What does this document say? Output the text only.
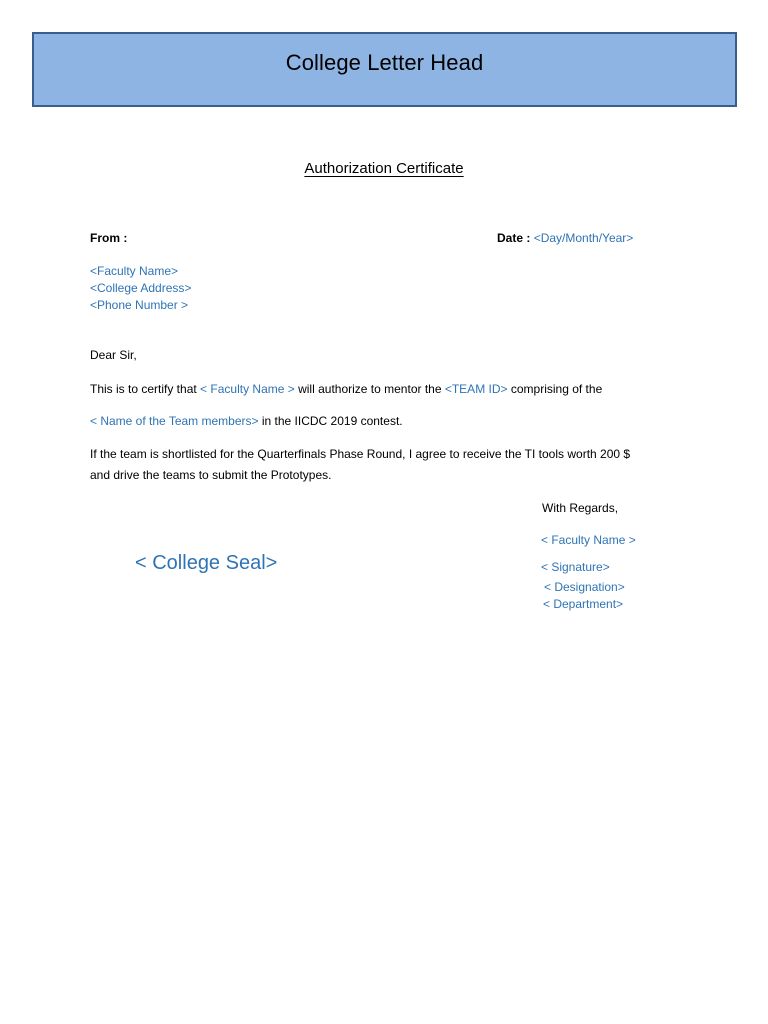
College Letter Head
Authorization Certificate
From :	Date : <Day/Month/Year>
<Faculty Name>
<College Address>
<Phone Number >
Dear Sir,
This is to certify that < Faculty Name > will authorize to mentor the <TEAM ID> comprising of the
< Name of the Team members> in the IICDC 2019 contest.
If the team is shortlisted for the Quarterfinals Phase Round, I agree to receive the TI tools worth 200 $
and drive the teams to submit the Prototypes.
With Regards,
< Faculty Name >
< Signature>
< Designation>
< Department>
< College Seal>
